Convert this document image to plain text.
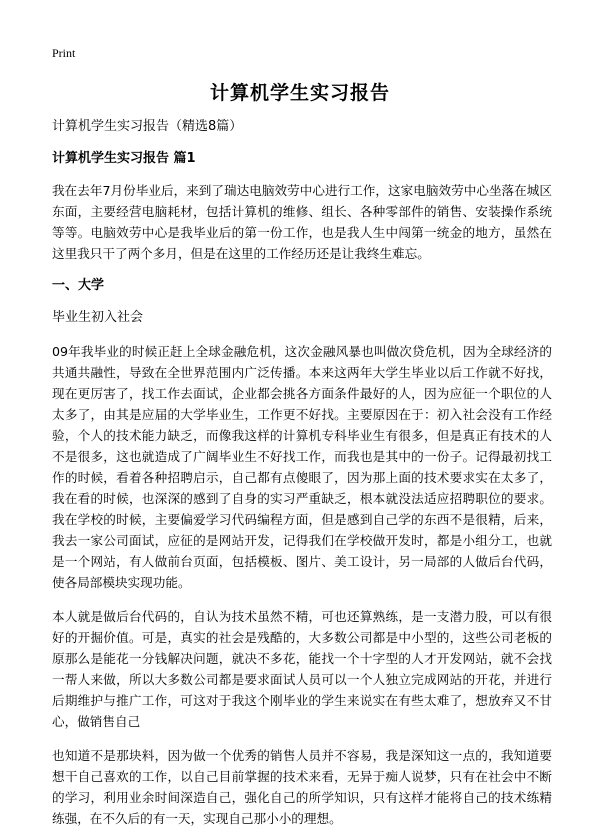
Print
计算机学生实习报告

计算机学生实习报告（精选8篇）

计算机学生实习报告 篇1

我在去年7月份毕业后，来到了瑞达电脑效劳中心进行工作，这家电脑效劳中心坐落在城区东面，主要经营电脑耗材，包括计算机的维修、组长、各种零部件的销售、安装操作系统等等。电脑效劳中心是我毕业后的第一份工作，也是我人生中闯第一统金的地方，虽然在这里我只干了两个多月，但是在这里的工作经历还是让我终生难忘。

一、大学

毕业生初入社会

09年我毕业的时候正赶上全球金融危机，这次金融风暴也叫做次贷危机，因为全球经济的共通共融性，导致在全世界范围内广泛传播。本来这两年大学生毕业以后工作就不好找，现在更厉害了，找工作去面试，企业都会挑各方面条件最好的人，因为应征一个职位的人太多了，由其是应届的大学毕业生，工作更不好找。主要原因在于：初入社会没有工作经验，个人的技术能力缺乏，而像我这样的计算机专科毕业生有很多，但是真正有技术的人不是很多，这也就造成了广阔毕业生不好找工作，而我也是其中的一份子。记得最初找工作的时候，看着各种招聘启示，自己都有点傻眼了，因为那上面的技术要求实在太多了，我在看的时候，也深深的感到了自身的实习严重缺乏，根本就没法适应招聘职位的要求。我在学校的时候，主要偏爱学习代码编程方面，但是感到自己学的东西不是很精，后来，我去一家公司面试，应征的是网站开发，记得我们在学校做开发时，都是小组分工，也就是一个网站，有人做前台页面，包括模板、图片、美工设计，另一局部的人做后台代码，使各局部模块实现功能。

本人就是做后台代码的，自认为技术虽然不精，可也还算熟练，是一支潜力股，可以有很好的开掘价值。可是，真实的社会是残酷的，大多数公司都是中小型的，这些公司老板的原那么是能花一分钱解决问题，就决不多花，能找一个十字型的人才开发网站，就不会找一帮人来做，所以大多数公司都是要求面试人员可以一个人独立完成网站的开花，并进行后期维护与推广工作，可这对于我这个刚毕业的学生来说实在有些太难了，想放弃又不甘心，做销售自己

也知道不是那块料，因为做一个优秀的销售人员并不容易，我是深知这一点的，我知道要想干自己喜欢的工作，以自己目前掌握的技术来看，无异于痴人说梦，只有在社会中不断的学习，利用业余时间深造自己，强化自己的所学知识，只有这样才能将自己的技术练精练强，在不久后的有一天，实现自己那小小的理想。
